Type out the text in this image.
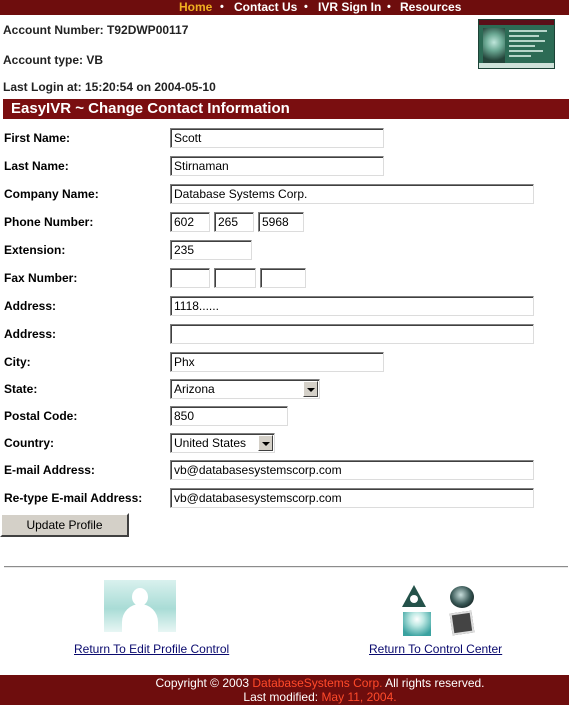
Home • Contact Us • IVR Sign In • Resources
Account Number: T92DWP00117
Account type: VB
Last Login at: 15:20:54 on 2004-05-10
EasyIVR ~ Change Contact Information
First Name:	Scott
Last Name:	Stirnaman
Company Name:	Database Systems Corp.
Phone Number:	602	265	5968
Extension:	235
Fax Number:
Address:	1118......
Address:
City:	Phx
State:	Arizona
Postal Code:	850
Country:	United States
E-mail Address:	vb@databasesystemscorp.com
Re-type E-mail Address:	vb@databasesystemscorp.com
Update Profile
Return To Edit Profile Control	Return To Control Center
Copyright © 2003 DatabaseSystems Corp. All rights reserved.
Last modified: May 11, 2004.
